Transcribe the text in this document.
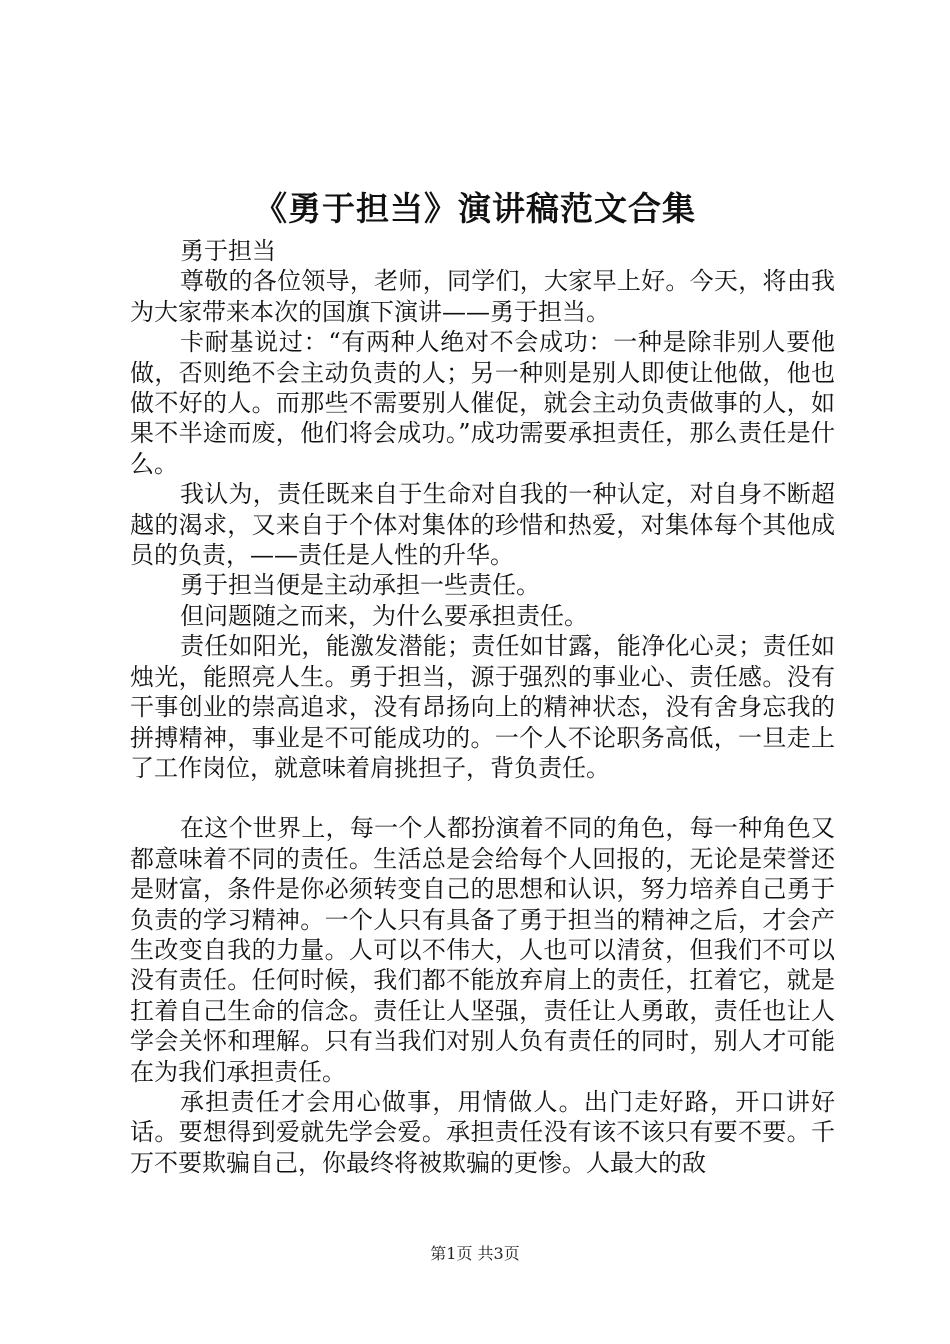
《勇于担当》演讲稿范文合集

勇于担当

尊敬的各位领导，老师，同学们，大家早上好。今天，将由我为大家带来本次的国旗下演讲——勇于担当。

卡耐基说过：“有两种人绝对不会成功：一种是除非别人要他做，否则绝不会主动负责的人；另一种则是别人即使让他做，他也做不好的人。而那些不需要别人催促，就会主动负责做事的人，如果不半途而废，他们将会成功。”成功需要承担责任，那么责任是什么。

我认为，责任既来自于生命对自我的一种认定，对自身不断超越的渴求，又来自于个体对集体的珍惜和热爱，对集体每个其他成员的负责，——责任是人性的升华。

勇于担当便是主动承担一些责任。

但问题随之而来，为什么要承担责任。

责任如阳光，能激发潜能；责任如甘露，能净化心灵；责任如烛光，能照亮人生。勇于担当，源于强烈的事业心、责任感。没有干事创业的崇高追求，没有昂扬向上的精神状态，没有舍身忘我的拼搏精神，事业是不可能成功的。一个人不论职务高低，一旦走上了工作岗位，就意味着肩挑担子，背负责任。

在这个世界上，每一个人都扮演着不同的角色，每一种角色又都意味着不同的责任。生活总是会给每个人回报的，无论是荣誉还是财富，条件是你必须转变自己的思想和认识，努力培养自己勇于负责的学习精神。一个人只有具备了勇于担当的精神之后，才会产生改变自我的力量。人可以不伟大，人也可以清贫，但我们不可以没有责任。任何时候，我们都不能放弃肩上的责任，扛着它，就是扛着自己生命的信念。责任让人坚强，责任让人勇敢，责任也让人学会关怀和理解。只有当我们对别人负有责任的同时，别人才可能在为我们承担责任。

承担责任才会用心做事，用情做人。出门走好路，开口讲好话。要想得到爱就先学会爱。承担责任没有该不该只有要不要。千万不要欺骗自己，你最终将被欺骗的更惨。人最大的敌

第1页 共3页
